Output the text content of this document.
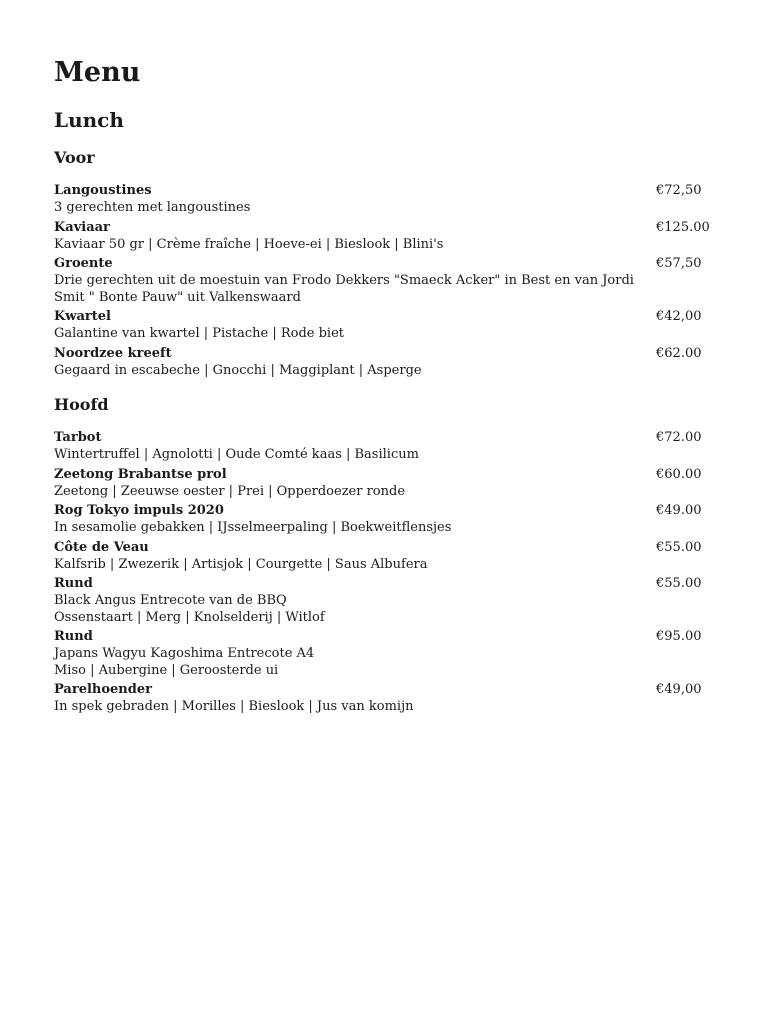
Menu
Lunch
Voor
Langoustines	€72,50
3 gerechten met langoustines
Kaviaar	€125.00
Kaviaar 50 gr | Crème fraîche | Hoeve-ei | Bieslook | Blini's
Groente	€57,50
Drie gerechten uit de moestuin van Frodo Dekkers "Smaeck Acker" in Best en van Jordi Smit " Bonte Pauw" uit Valkenswaard
Kwartel	€42,00
Galantine van kwartel | Pistache | Rode biet
Noordzee kreeft	€62.00
Gegaard in escabeche | Gnocchi | Maggiplant | Asperge
Hoofd
Tarbot	€72.00
Wintertruffel | Agnolotti | Oude Comté kaas | Basilicum
Zeetong Brabantse prol	€60.00
Zeetong | Zeeuwse oester | Prei | Opperdoezer ronde
Rog Tokyo impuls 2020	€49.00
In sesamolie gebakken | IJsselmeerpaling | Boekweitflensjes
Côte de Veau	€55.00
Kalfsrib | Zwezerik | Artisjok | Courgette | Saus Albufera
Rund	€55.00
Black Angus Entrecote van de BBQ
Ossenstaart | Merg | Knolselderij | Witlof
Rund	€95.00
Japans Wagyu Kagoshima Entrecote A4
Miso | Aubergine | Geroosterde ui
Parelhoender	€49,00
In spek gebraden | Morilles | Bieslook | Jus van komijn
